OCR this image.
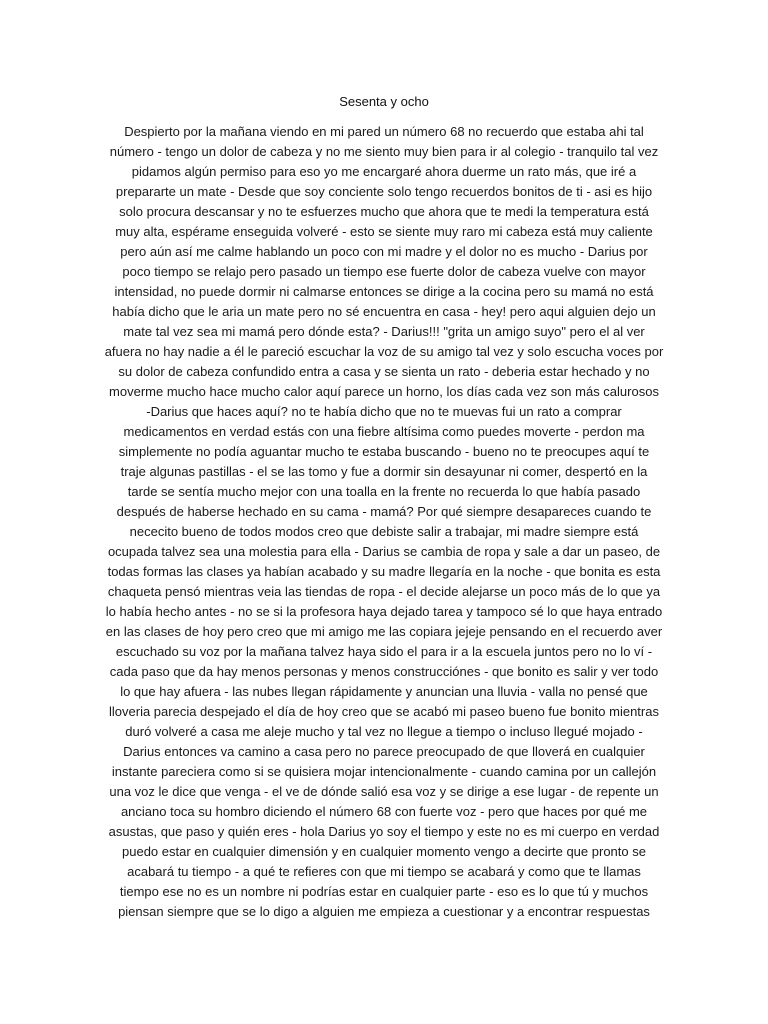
Sesenta y ocho
Despierto por la mañana viendo en mi pared un número 68 no recuerdo que estaba ahi tal
número - tengo un dolor de cabeza y no me siento muy bien para ir al colegio - tranquilo tal vez
pidamos algún permiso para eso yo me encargaré ahora duerme un rato más, que iré a
prepararte un mate - Desde que soy conciente solo tengo recuerdos bonitos de ti - asi es hijo
solo procura descansar y no te esfuerzes mucho que ahora que te medi la temperatura está
muy alta, espérame enseguida volveré - esto se siente muy raro mi cabeza está muy caliente
pero aún así me calme hablando un poco con mi madre y el dolor no es mucho - Darius por
poco tiempo se relajo pero pasado un tiempo ese fuerte dolor de cabeza vuelve con mayor
intensidad, no puede dormir ni calmarse entonces se dirige a la cocina pero su mamá no está
había dicho que le aria un mate pero no sé encuentra en casa - hey! pero aqui alguien dejo un
mate tal vez sea mi mamá pero dónde esta? - Darius!!! "grita un amigo suyo" pero el al ver
afuera no hay nadie a él le pareció escuchar la voz de su amigo tal vez y solo escucha voces por
su dolor de cabeza confundido entra a casa y se sienta un rato - deberia estar hechado y no
moverme mucho hace mucho calor aquí parece un horno, los días cada vez son más calurosos
-Darius que haces aquí? no te había dicho que no te muevas fui un rato a comprar
medicamentos en verdad estás con una fiebre altísima como puedes moverte - perdon ma
simplemente no podía aguantar mucho te estaba buscando - bueno no te preocupes aquí te
traje algunas pastillas - el se las tomo y fue a dormir sin desayunar ni comer, despertó en la
tarde se sentía mucho mejor con una toalla en la frente no recuerda lo que había pasado
después de haberse hechado en su cama - mamá? Por qué siempre desapareces cuando te
nececito bueno de todos modos creo que debiste salir a trabajar, mi madre siempre está
ocupada talvez sea una molestia para ella - Darius se cambia de ropa y sale a dar un paseo, de
todas formas las clases ya habían acabado y su madre llegaría en la noche - que bonita es esta
chaqueta pensó mientras veia las tiendas de ropa - el decide alejarse un poco más de lo que ya
lo había hecho antes - no se si la profesora haya dejado tarea y tampoco sé lo que haya entrado
en las clases de hoy pero creo que mi amigo me las copiara jejeje pensando en el recuerdo aver
escuchado su voz por la mañana talvez haya sido el para ir a la escuela juntos pero no lo ví -
cada paso que da hay menos personas y menos construcciónes - que bonito es salir y ver todo
lo que hay afuera - las nubes llegan rápidamente y anuncian una lluvia - valla no pensé que
lloveria parecia despejado el día de hoy creo que se acabó mi paseo bueno fue bonito mientras
duró volveré a casa me aleje mucho y tal vez no llegue a tiempo o incluso llegué mojado -
Darius entonces va camino a casa pero no parece preocupado de que lloverá en cualquier
instante pareciera como si se quisiera mojar intencionalmente - cuando camina por un callejón
una voz le dice que venga - el ve de dónde salió esa voz y se dirige a ese lugar - de repente un
anciano toca su hombro diciendo el número 68 con fuerte voz - pero que haces por qué me
asustas, que paso y quién eres - hola Darius yo soy el tiempo y este no es mi cuerpo en verdad
puedo estar en cualquier dimensión y en cualquier momento vengo a decirte que pronto se
acabará tu tiempo - a qué te refieres con que mi tiempo se acabará y como que te llamas
tiempo ese no es un nombre ni podrías estar en cualquier parte - eso es lo que tú y muchos
piensan siempre que se lo digo a alguien me empieza a cuestionar y a encontrar respuestas
